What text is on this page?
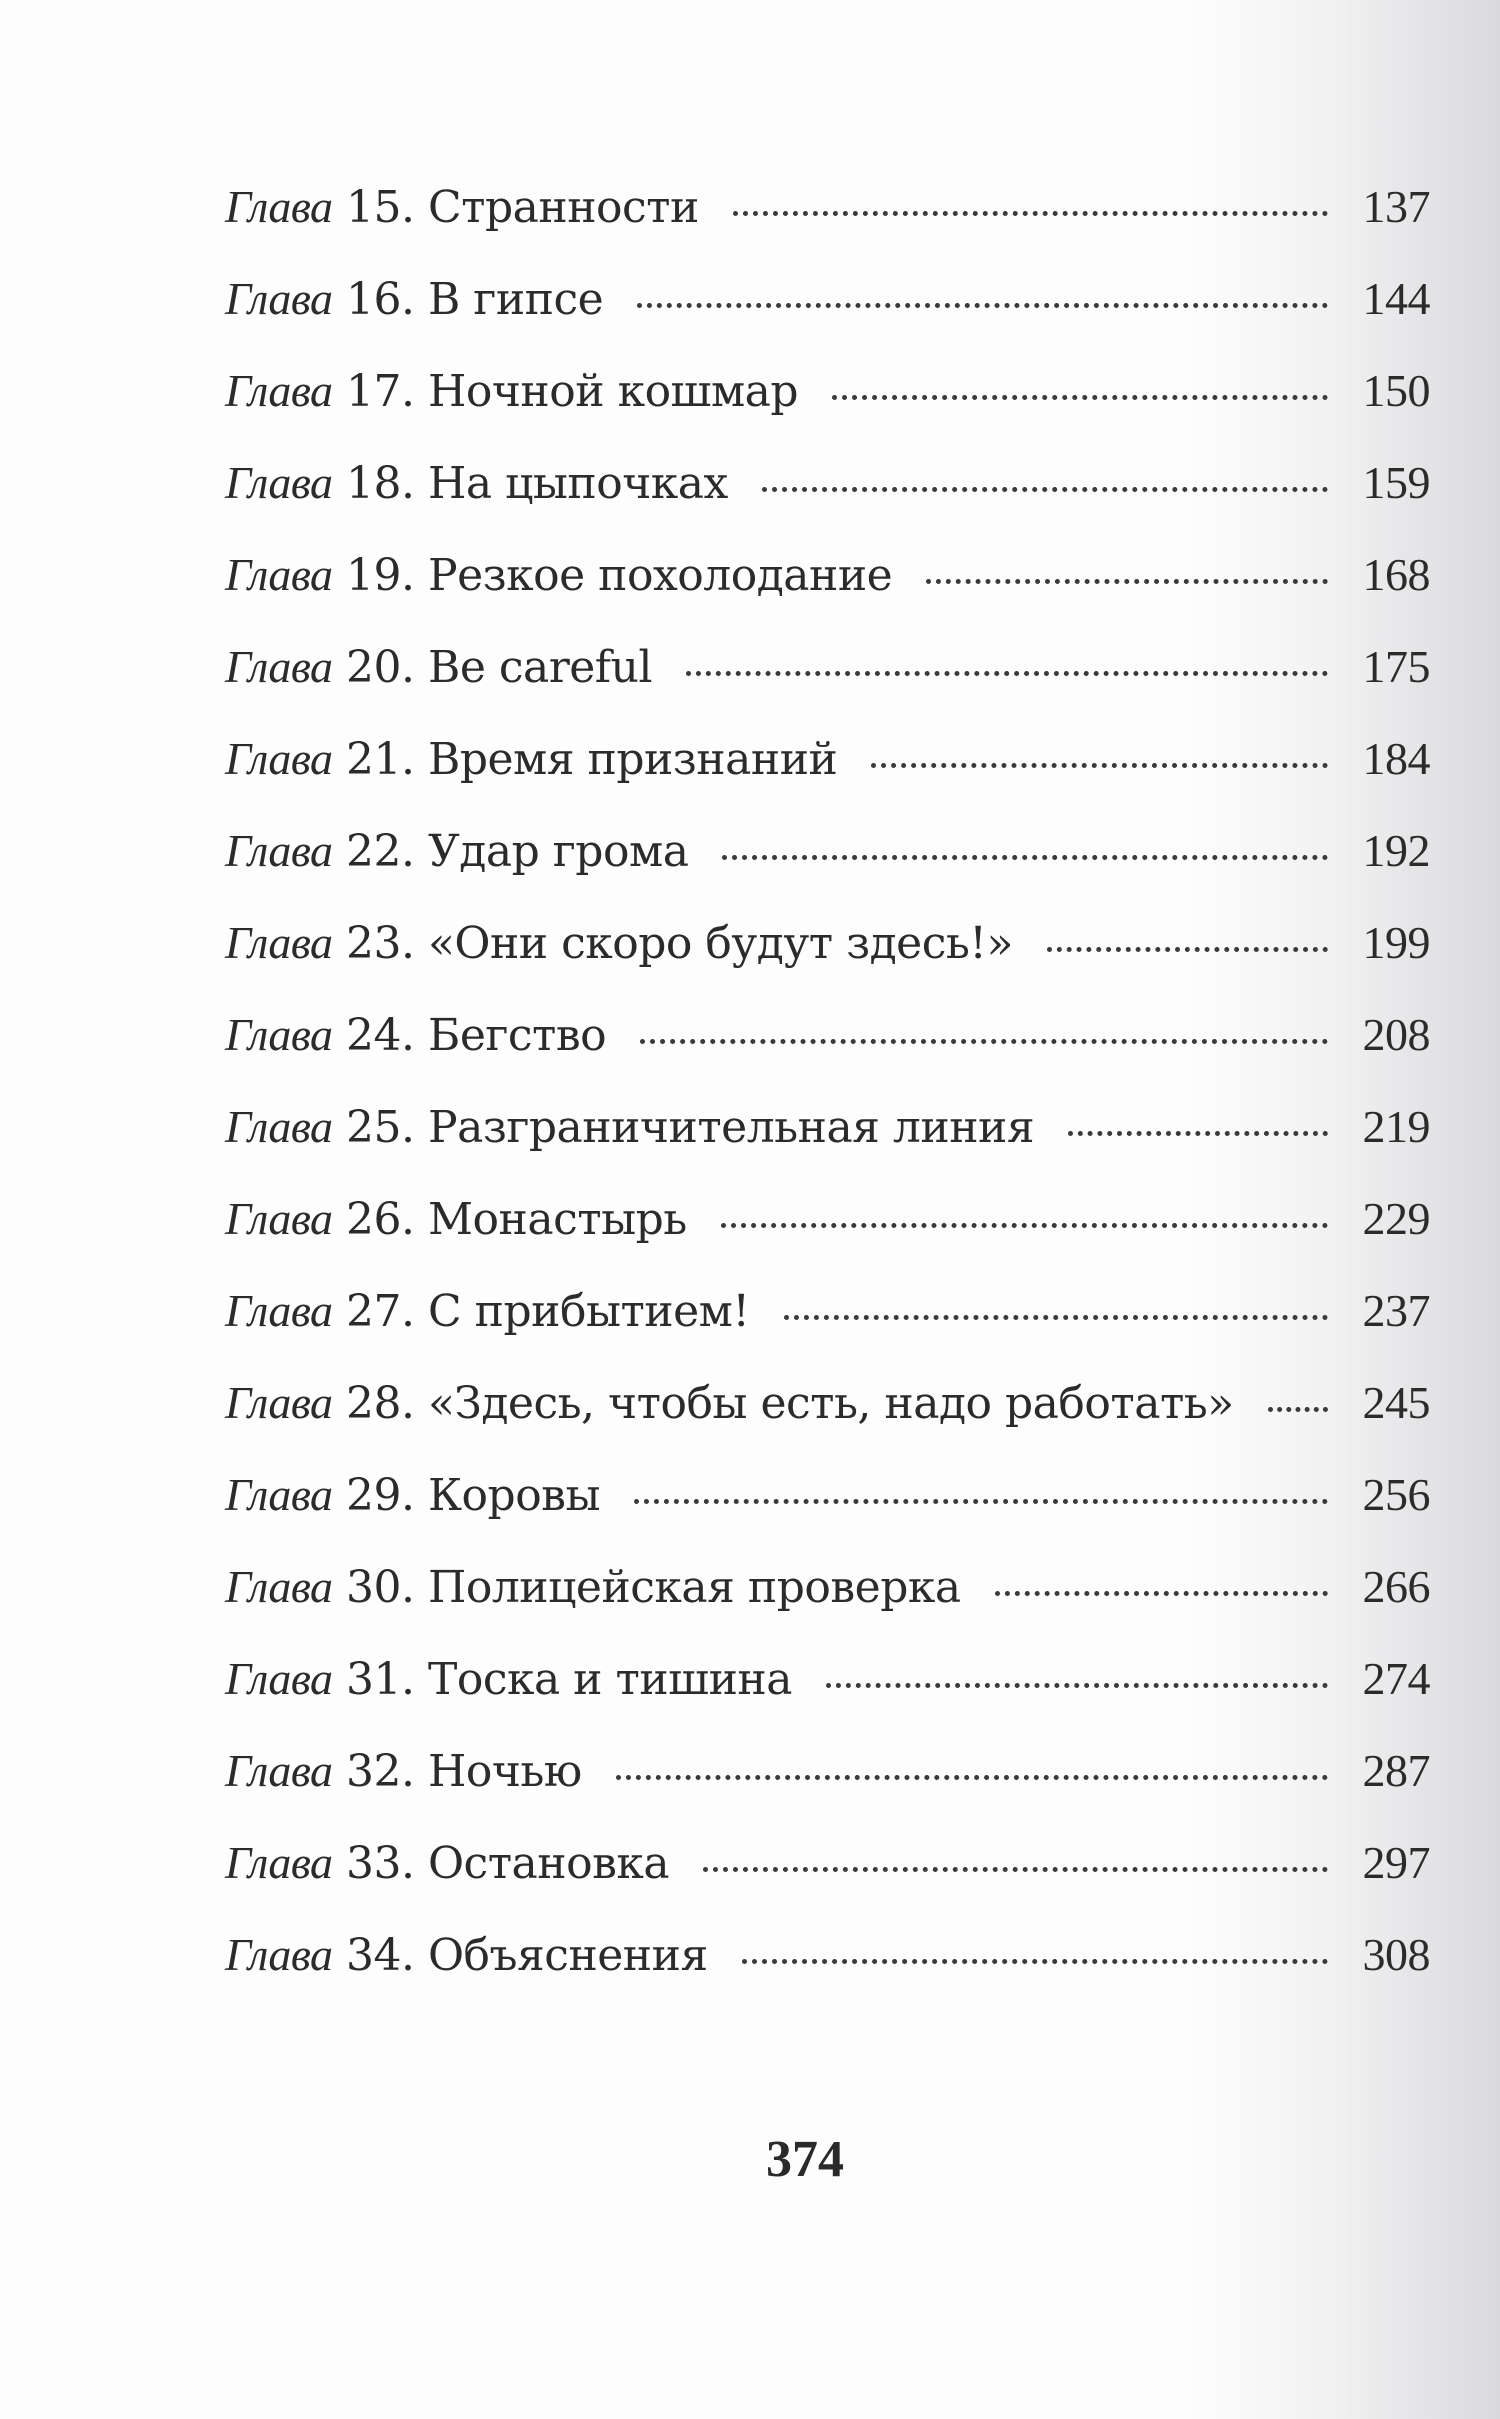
Глава 15. Странности	137
Глава 16. В гипсе	144
Глава 17. Ночной кошмар	150
Глава 18. На цыпочках	159
Глава 19. Резкое похолодание	168
Глава 20. Be careful	175
Глава 21. Время признаний	184
Глава 22. Удар грома	192
Глава 23. «Они скоро будут здесь!»	199
Глава 24. Бегство	208
Глава 25. Разграничительная линия	219
Глава 26. Монастырь	229
Глава 27. С прибытием!	237
Глава 28. «Здесь, чтобы есть, надо работать»	245
Глава 29. Коровы	256
Глава 30. Полицейская проверка	266
Глава 31. Тоска и тишина	274
Глава 32. Ночью	287
Глава 33. Остановка	297
Глава 34. Объяснения	308
374
